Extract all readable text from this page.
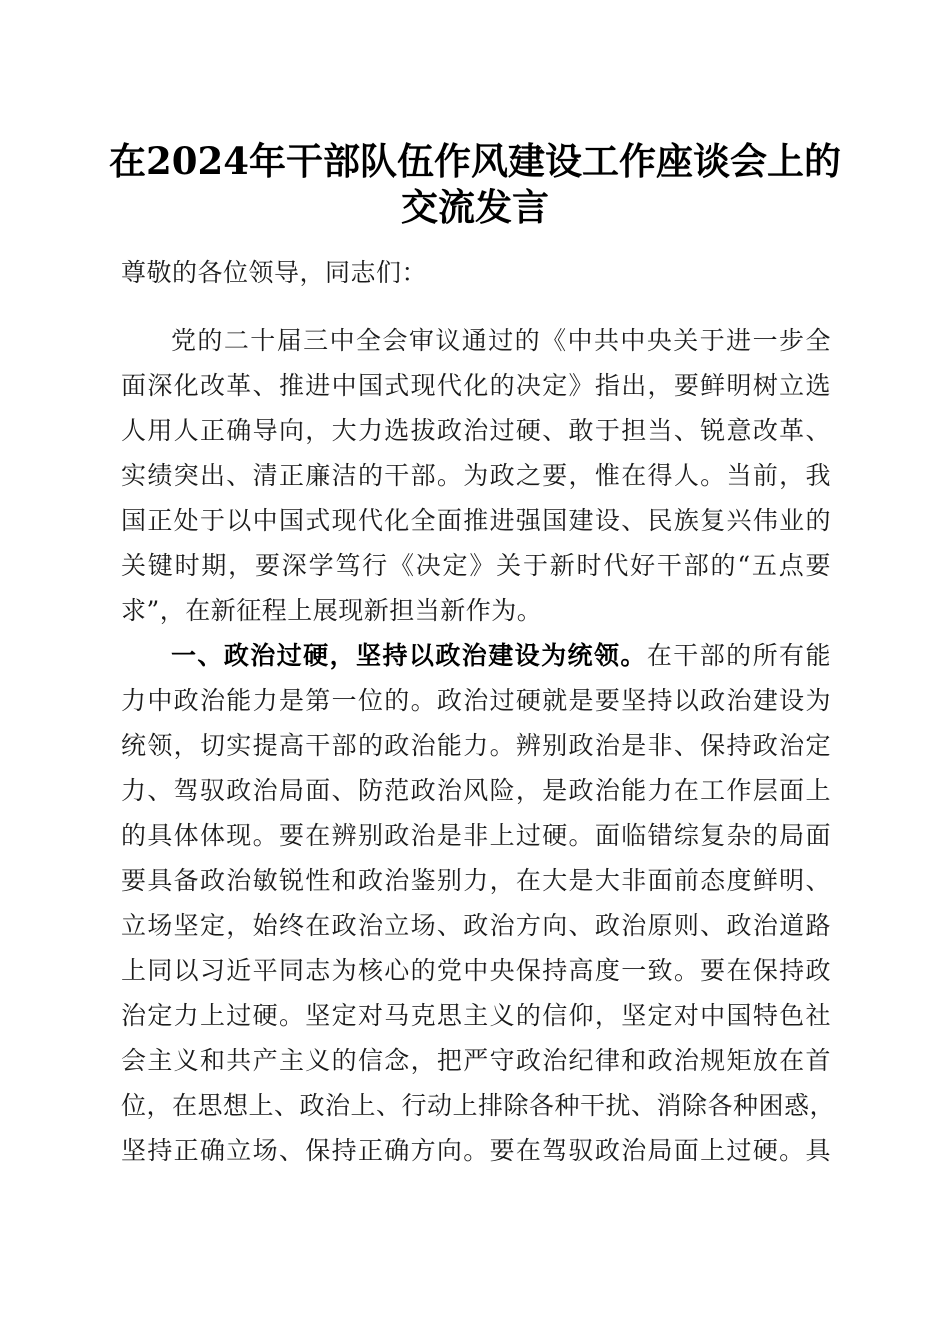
在2024年干部队伍作风建设工作座谈会上的
交流发言
尊敬的各位领导，同志们：
党的二十届三中全会审议通过的《中共中央关于进一步全
面深化改革、推进中国式现代化的决定》指出，要鲜明树立选
人用人正确导向，大力选拔政治过硬、敢于担当、锐意改革、
实绩突出、清正廉洁的干部。为政之要，惟在得人。当前，我
国正处于以中国式现代化全面推进强国建设、民族复兴伟业的
关键时期，要深学笃行《决定》关于新时代好干部的“五点要
求”，在新征程上展现新担当新作为。
一、政治过硬，坚持以政治建设为统领。在干部的所有能
力中政治能力是第一位的。政治过硬就是要坚持以政治建设为
统领，切实提高干部的政治能力。辨别政治是非、保持政治定
力、驾驭政治局面、防范政治风险，是政治能力在工作层面上
的具体体现。要在辨别政治是非上过硬。面临错综复杂的局面
要具备政治敏锐性和政治鉴别力，在大是大非面前态度鲜明、
立场坚定，始终在政治立场、政治方向、政治原则、政治道路
上同以习近平同志为核心的党中央保持高度一致。要在保持政
治定力上过硬。坚定对马克思主义的信仰，坚定对中国特色社
会主义和共产主义的信念，把严守政治纪律和政治规矩放在首
位，在思想上、政治上、行动上排除各种干扰、消除各种困惑，
坚持正确立场、保持正确方向。要在驾驭政治局面上过硬。具
